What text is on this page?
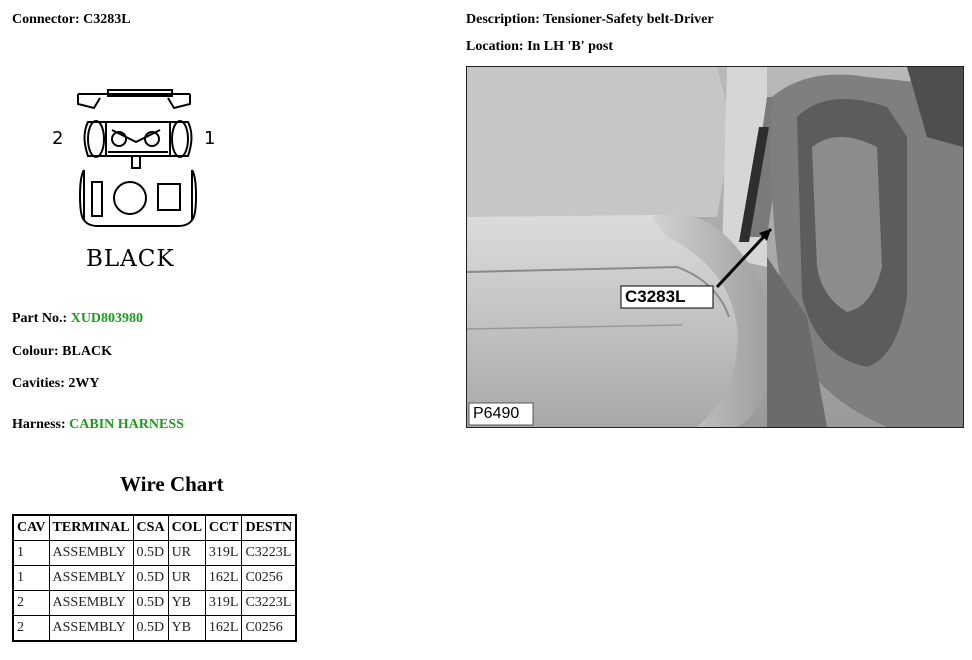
Connector: C3283L	Description: Tensioner-Safety belt-Driver
Location: In LH 'B' post
2	1
BLACK
Part No.: XUD803980
Colour: BLACK
Cavities: 2WY
Harness: CABIN HARNESS
Wire Chart
CAV	TERMINAL	CSA	COL	CCT	DESTN
1	ASSEMBLY	0.5D	UR	319L	C3223L
1	ASSEMBLY	0.5D	UR	162L	C0256
2	ASSEMBLY	0.5D	YB	319L	C3223L
2	ASSEMBLY	0.5D	YB	162L	C0256
C3283L
P6490
